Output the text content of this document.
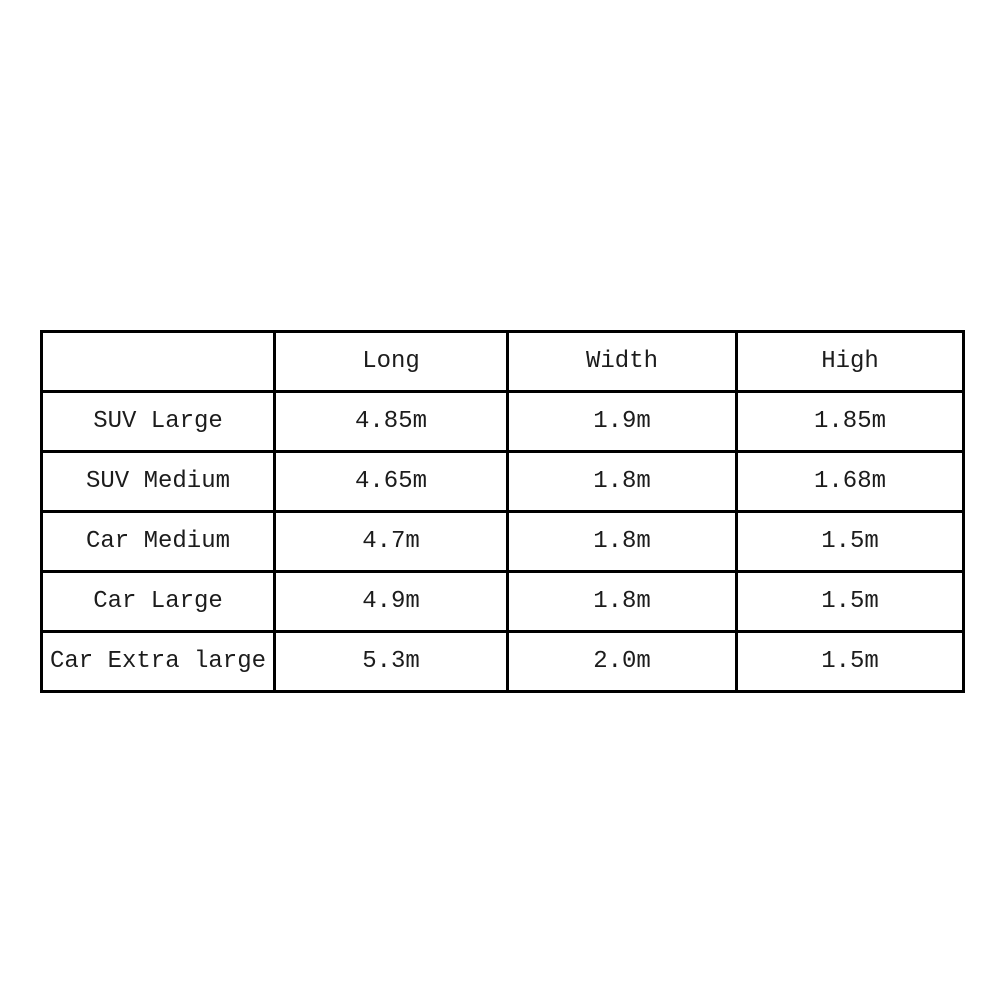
	Long	Width	High
SUV Large	4.85m	1.9m	1.85m
SUV Medium	4.65m	1.8m	1.68m
Car Medium	4.7m	1.8m	1.5m
Car Large	4.9m	1.8m	1.5m
Car Extra large	5.3m	2.0m	1.5m
